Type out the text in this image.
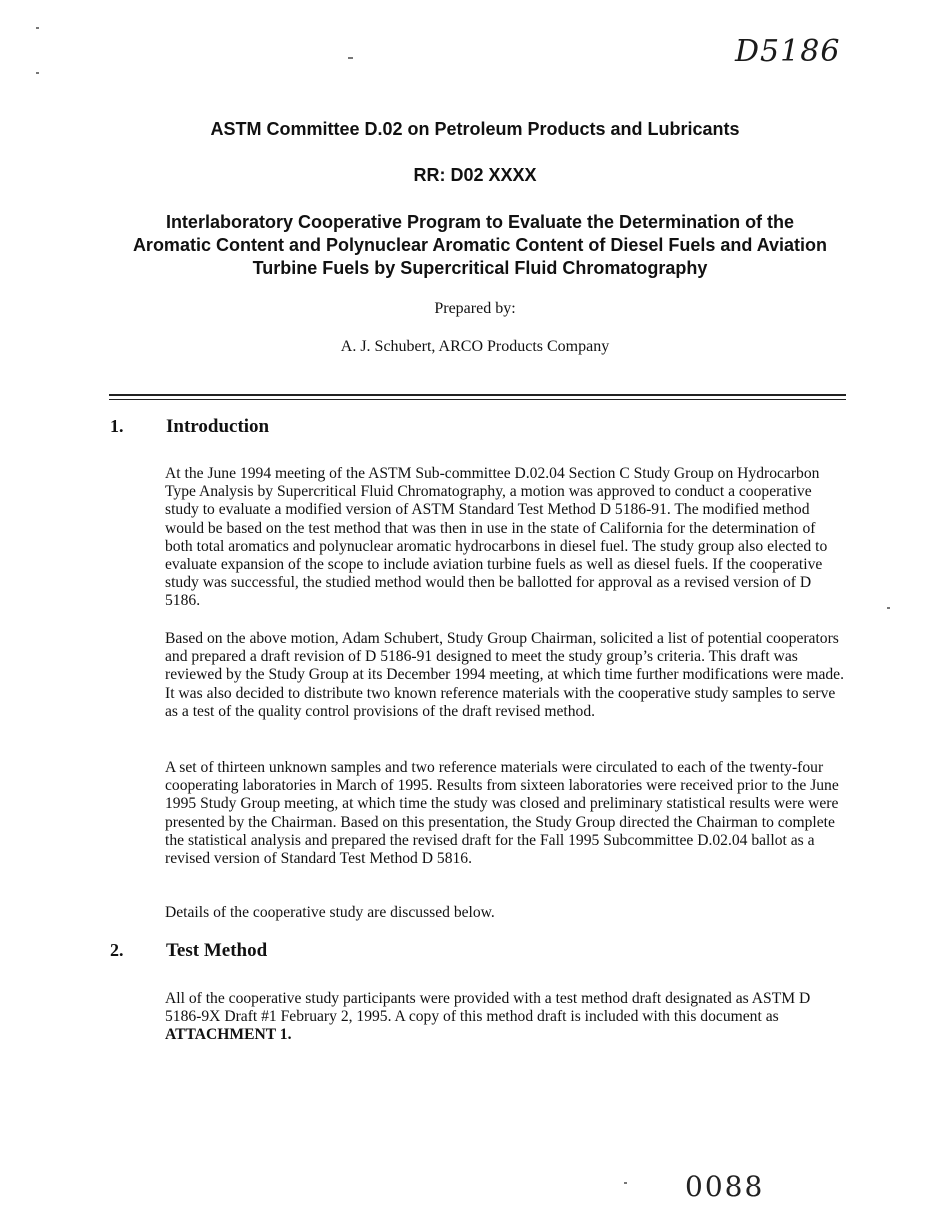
D5186
ASTM Committee D.02 on Petroleum Products and Lubricants
RR: D02 XXXX
Interlaboratory Cooperative Program to Evaluate the Determination of the
Aromatic Content and Polynuclear Aromatic Content of Diesel Fuels and Aviation
Turbine Fuels by Supercritical Fluid Chromatography
Prepared by:
A. J. Schubert, ARCO Products Company
1. Introduction

At the June 1994 meeting of the ASTM Sub-committee D.02.04 Section C Study Group on Hydrocarbon Type Analysis by Supercritical Fluid Chromatography, a motion was approved to conduct a cooperative study to evaluate a modified version of ASTM Standard Test Method D 5186-91. The modified method would be based on the test method that was then in use in the state of California for the determination of both total aromatics and polynuclear aromatic hydrocarbons in diesel fuel. The study group also elected to evaluate expansion of the scope to include aviation turbine fuels as well as diesel fuels. If the cooperative study was successful, the studied method would then be ballotted for approval as a revised version of D 5186.

Based on the above motion, Adam Schubert, Study Group Chairman, solicited a list of potential cooperators and prepared a draft revision of D 5186-91 designed to meet the study group’s criteria. This draft was reviewed by the Study Group at its December 1994 meeting, at which time further modifications were made. It was also decided to distribute two known reference materials with the cooperative study samples to serve as a test of the quality control provisions of the draft revised method.

A set of thirteen unknown samples and two reference materials were circulated to each of the twenty-four cooperating laboratories in March of 1995. Results from sixteen laboratories were received prior to the June 1995 Study Group meeting, at which time the study was closed and preliminary statistical results were were presented by the Chairman. Based on this presentation, the Study Group directed the Chairman to complete the statistical analysis and prepared the revised draft for the Fall 1995 Subcommittee D.02.04 ballot as a revised version of Standard Test Method D 5816.

Details of the cooperative study are discussed below.

2. Test Method

All of the cooperative study participants were provided with a test method draft designated as ASTM D 5186-9X Draft #1 February 2, 1995. A copy of this method draft is included with this document as ATTACHMENT 1.

0088
